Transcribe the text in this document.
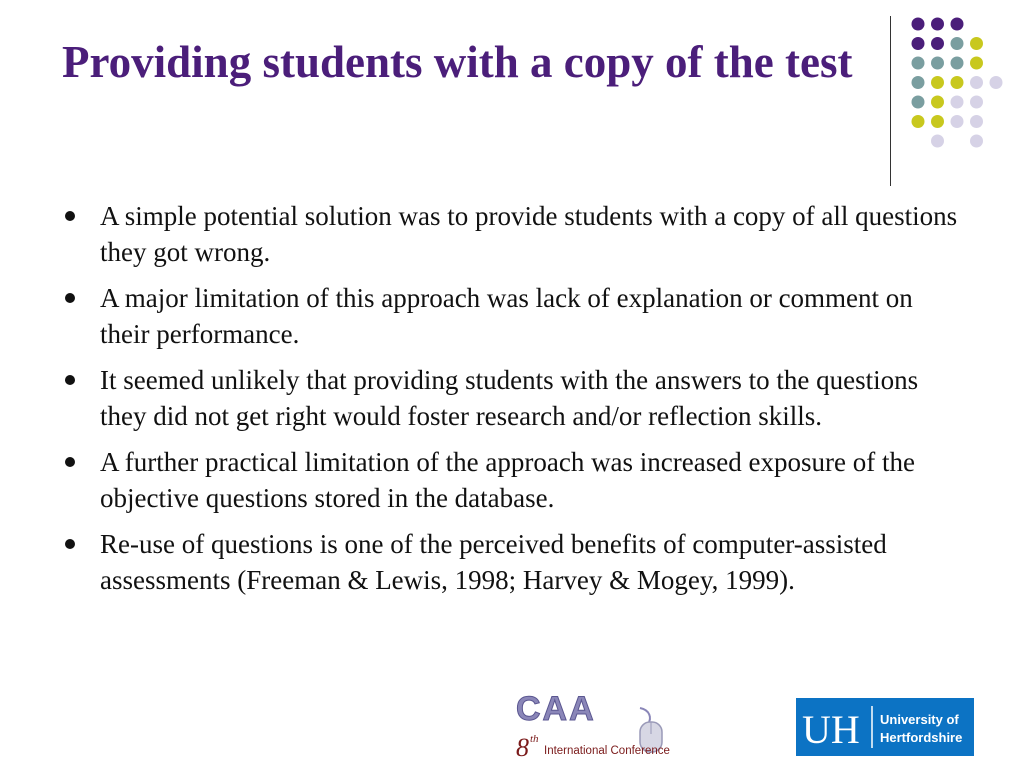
Providing students with a copy of the test
A simple potential solution was to provide students with a copy of all questions they got wrong.
A major limitation of this approach was lack of explanation or comment on their performance.
It seemed unlikely that providing students with the answers to the questions they did not get right would foster research and/or reflection skills.
A further practical limitation of the approach was increased exposure of the objective questions stored in the database.
Re-use of questions is one of the perceived benefits of computer-assisted assessments (Freeman & Lewis, 1998; Harvey & Mogey, 1999).
CAA
8 th
International Conference	UH University of
Hertfordshire
